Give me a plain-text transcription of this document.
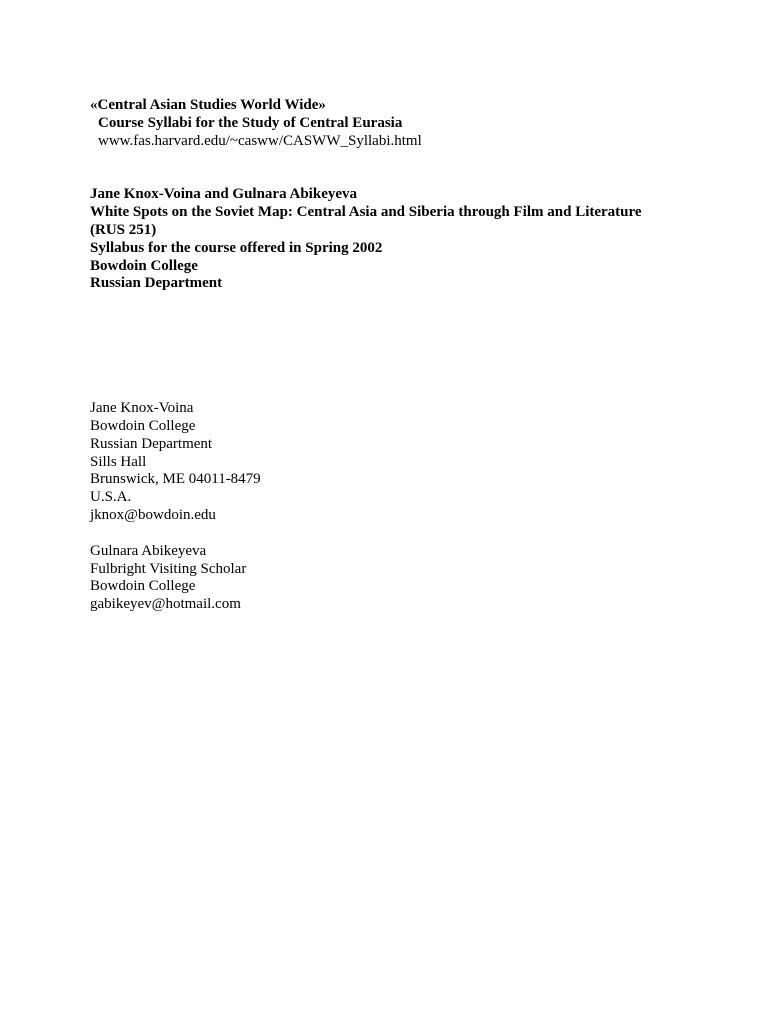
«Central Asian Studies World Wide»
Course Syllabi for the Study of Central Eurasia
www.fas.harvard.edu/~casww/CASWW_Syllabi.html
Jane Knox-Voina and Gulnara Abikeyeva
White Spots on the Soviet Map: Central Asia and Siberia through Film and Literature
(RUS 251)
Syllabus for the course offered in Spring 2002
Bowdoin College
Russian Department
Jane Knox-Voina
Bowdoin College
Russian Department
Sills Hall
Brunswick, ME 04011-8479
U.S.A.
jknox@bowdoin.edu
Gulnara Abikeyeva
Fulbright Visiting Scholar
Bowdoin College
gabikeyev@hotmail.com
